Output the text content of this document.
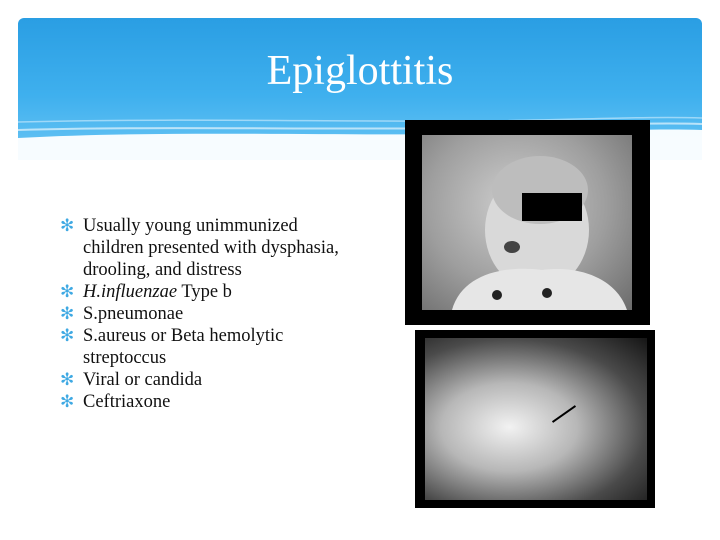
Epiglottitis
✻ Usually young unimmunized children presented with dysphasia, drooling, and distress
✻ H.influenzae Type b
✻ S.pneumonae
✻ S.aureus or Beta hemolytic streptoccus
✻ Viral or candida
✻ Ceftriaxone
